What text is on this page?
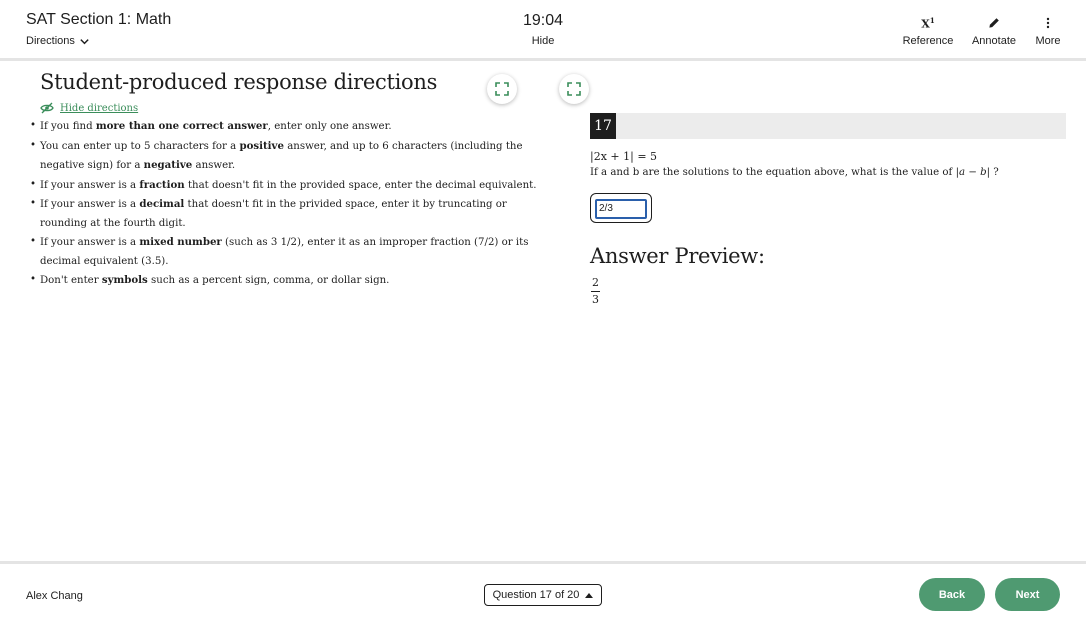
SAT Section 1: Math
Directions
19:04
Hide
$X^1$
Reference Annotate More
Student-produced response directions
Hide directions
• If you find more than one correct answer, enter only one answer.
• You can enter up to 5 characters for a positive answer, and up to 6 characters (including the negative sign) for a negative answer.
• If your answer is a fraction that doesn't fit in the provided space, enter the decimal equivalent.
• If your answer is a decimal that doesn't fit in the privided space, enter it by truncating or rounding at the fourth digit.
• If your answer is a mixed number (such as 3 1/2), enter it as an improper fraction (7/2) or its decimal equivalent (3.5).
• Don't enter symbols such as a percent sign, comma, or dollar sign.
17
|2x + 1| = 5
If a and b are the solutions to the equation above, what is the value of |a − b| ?
2/3
Answer Preview:
2
3
Alex Chang	Question 17 of 20	Back	Next
